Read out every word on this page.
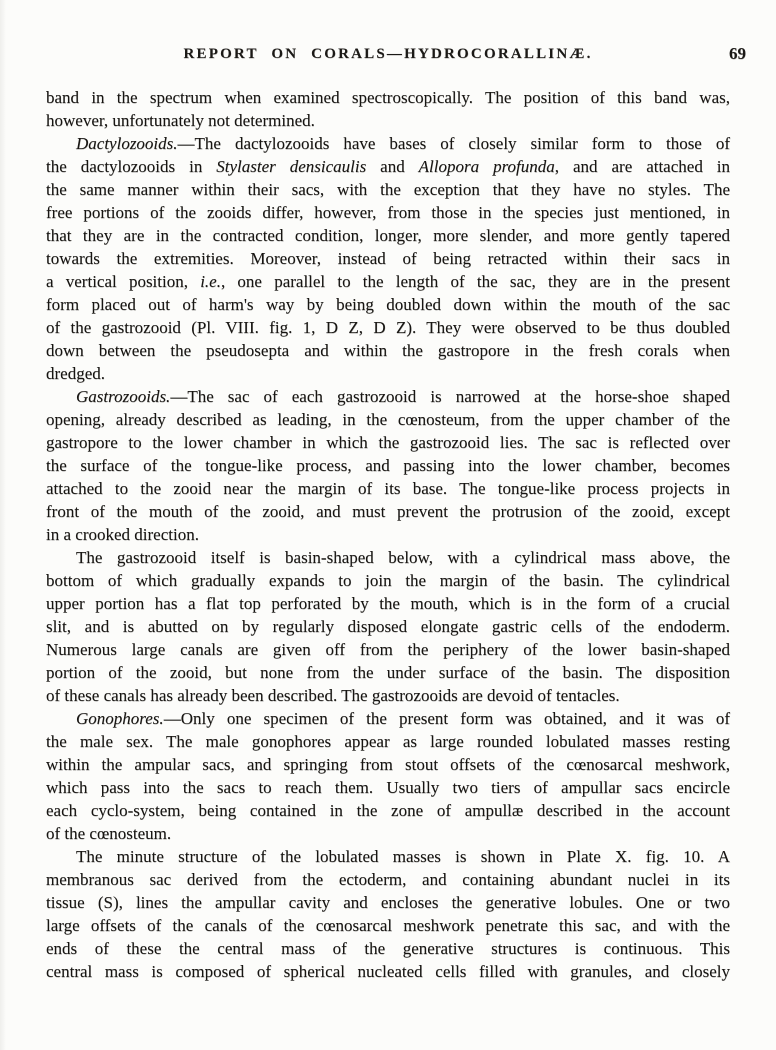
REPORT ON CORALS—HYDROCORALLINÆ.	69
band in the spectrum when examined spectroscopically. The position of this band was,
however, unfortunately not determined.
Dactylozooids.—The dactylozooids have bases of closely similar form to those of
the dactylozooids in Stylaster densicaulis and Allopora profunda, and are attached in
the same manner within their sacs, with the exception that they have no styles. The
free portions of the zooids differ, however, from those in the species just mentioned, in
that they are in the contracted condition, longer, more slender, and more gently tapered
towards the extremities. Moreover, instead of being retracted within their sacs in
a vertical position, i.e., one parallel to the length of the sac, they are in the present
form placed out of harm's way by being doubled down within the mouth of the sac
of the gastrozooid (Pl. VIII. fig. 1, D Z, D Z). They were observed to be thus doubled
down between the pseudosepta and within the gastropore in the fresh corals when
dredged.
Gastrozooids.—The sac of each gastrozooid is narrowed at the horse-shoe shaped
opening, already described as leading, in the cœnosteum, from the upper chamber of the
gastropore to the lower chamber in which the gastrozooid lies. The sac is reflected over
the surface of the tongue-like process, and passing into the lower chamber, becomes
attached to the zooid near the margin of its base. The tongue-like process projects in
front of the mouth of the zooid, and must prevent the protrusion of the zooid, except
in a crooked direction.
The gastrozooid itself is basin-shaped below, with a cylindrical mass above, the
bottom of which gradually expands to join the margin of the basin. The cylindrical
upper portion has a flat top perforated by the mouth, which is in the form of a crucial
slit, and is abutted on by regularly disposed elongate gastric cells of the endoderm.
Numerous large canals are given off from the periphery of the lower basin-shaped
portion of the zooid, but none from the under surface of the basin. The disposition
of these canals has already been described. The gastrozooids are devoid of tentacles.
Gonophores.—Only one specimen of the present form was obtained, and it was of
the male sex. The male gonophores appear as large rounded lobulated masses resting
within the ampular sacs, and springing from stout offsets of the cœnosarcal meshwork,
which pass into the sacs to reach them. Usually two tiers of ampullar sacs encircle
each cyclo-system, being contained in the zone of ampullæ described in the account
of the cœnosteum.
The minute structure of the lobulated masses is shown in Plate X. fig. 10. A
membranous sac derived from the ectoderm, and containing abundant nuclei in its
tissue (S), lines the ampullar cavity and encloses the generative lobules. One or two
large offsets of the canals of the cœnosarcal meshwork penetrate this sac, and with the
ends of these the central mass of the generative structures is continuous. This
central mass is composed of spherical nucleated cells filled with granules, and closely
